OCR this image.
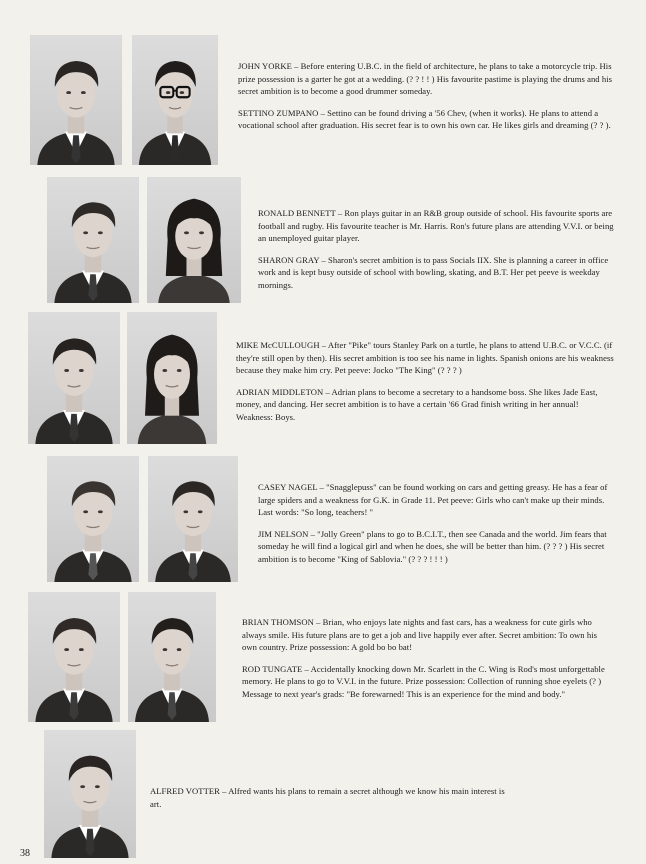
JOHN YORKE – Before entering U.B.C. in the field of architecture, he plans to take a motorcycle trip. His prize possession is a garter he got at a wedding. (? ? ! ! ) His favourite pastime is playing the drums and his secret ambition is to become a good drummer someday.

SETTINO ZUMPANO – Settino can be found driving a '56 Chev, (when it works). He plans to attend a vocational school after graduation. His secret fear is to own his own car. He likes girls and dreaming (? ? ).

RONALD BENNETT – Ron plays guitar in an R&B group outside of school. His favourite sports are football and rugby. His favourite teacher is Mr. Harris. Ron's future plans are attending V.V.I. or being an unemployed guitar player.

SHARON GRAY – Sharon's secret ambition is to pass Socials IIX. She is planning a career in office work and is kept busy outside of school with bowling, skating, and B.T. Her pet peeve is weekday mornings.

MIKE McCULLOUGH – After "Pike" tours Stanley Park on a turtle, he plans to attend U.B.C. or V.C.C. (if they're still open by then). His secret ambition is too see his name in lights. Spanish onions are his weakness because they make him cry. Pet peeve: Jocko "The King" (? ? ? )

ADRIAN MIDDLETON – Adrian plans to become a secretary to a handsome boss. She likes Jade East, money, and dancing. Her secret ambition is to have a certain '66 Grad finish writing in her annual! Weakness: Boys.

CASEY NAGEL – "Snagglepuss" can be found working on cars and getting greasy. He has a fear of large spiders and a weakness for G.K. in Grade 11. Pet peeve: Girls who can't make up their minds. Last words: "So long, teachers! "

JIM NELSON – "Jolly Green" plans to go to B.C.I.T., then see Canada and the world. Jim fears that someday he will find a logical girl and when he does, she will be better than him. (? ? ? ) His secret ambition is to become "King of Sablovia." (? ? ? ! ! ! )

BRIAN THOMSON – Brian, who enjoys late nights and fast cars, has a weakness for cute girls who always smile. His future plans are to get a job and live happily ever after. Secret ambition: To own his own country. Prize possession: A gold bo bo bat!

ROD TUNGATE – Accidentally knocking down Mr. Scarlett in the C. Wing is Rod's most unforgettable memory. He plans to go to V.V.I. in the future. Prize possession: Collection of running shoe eyelets (? ) Message to next year's grads: "Be forewarned! This is an experience for the mind and body."

ALFRED VOTTER – Alfred wants his plans to remain a secret although we know his main interest is art.

38
